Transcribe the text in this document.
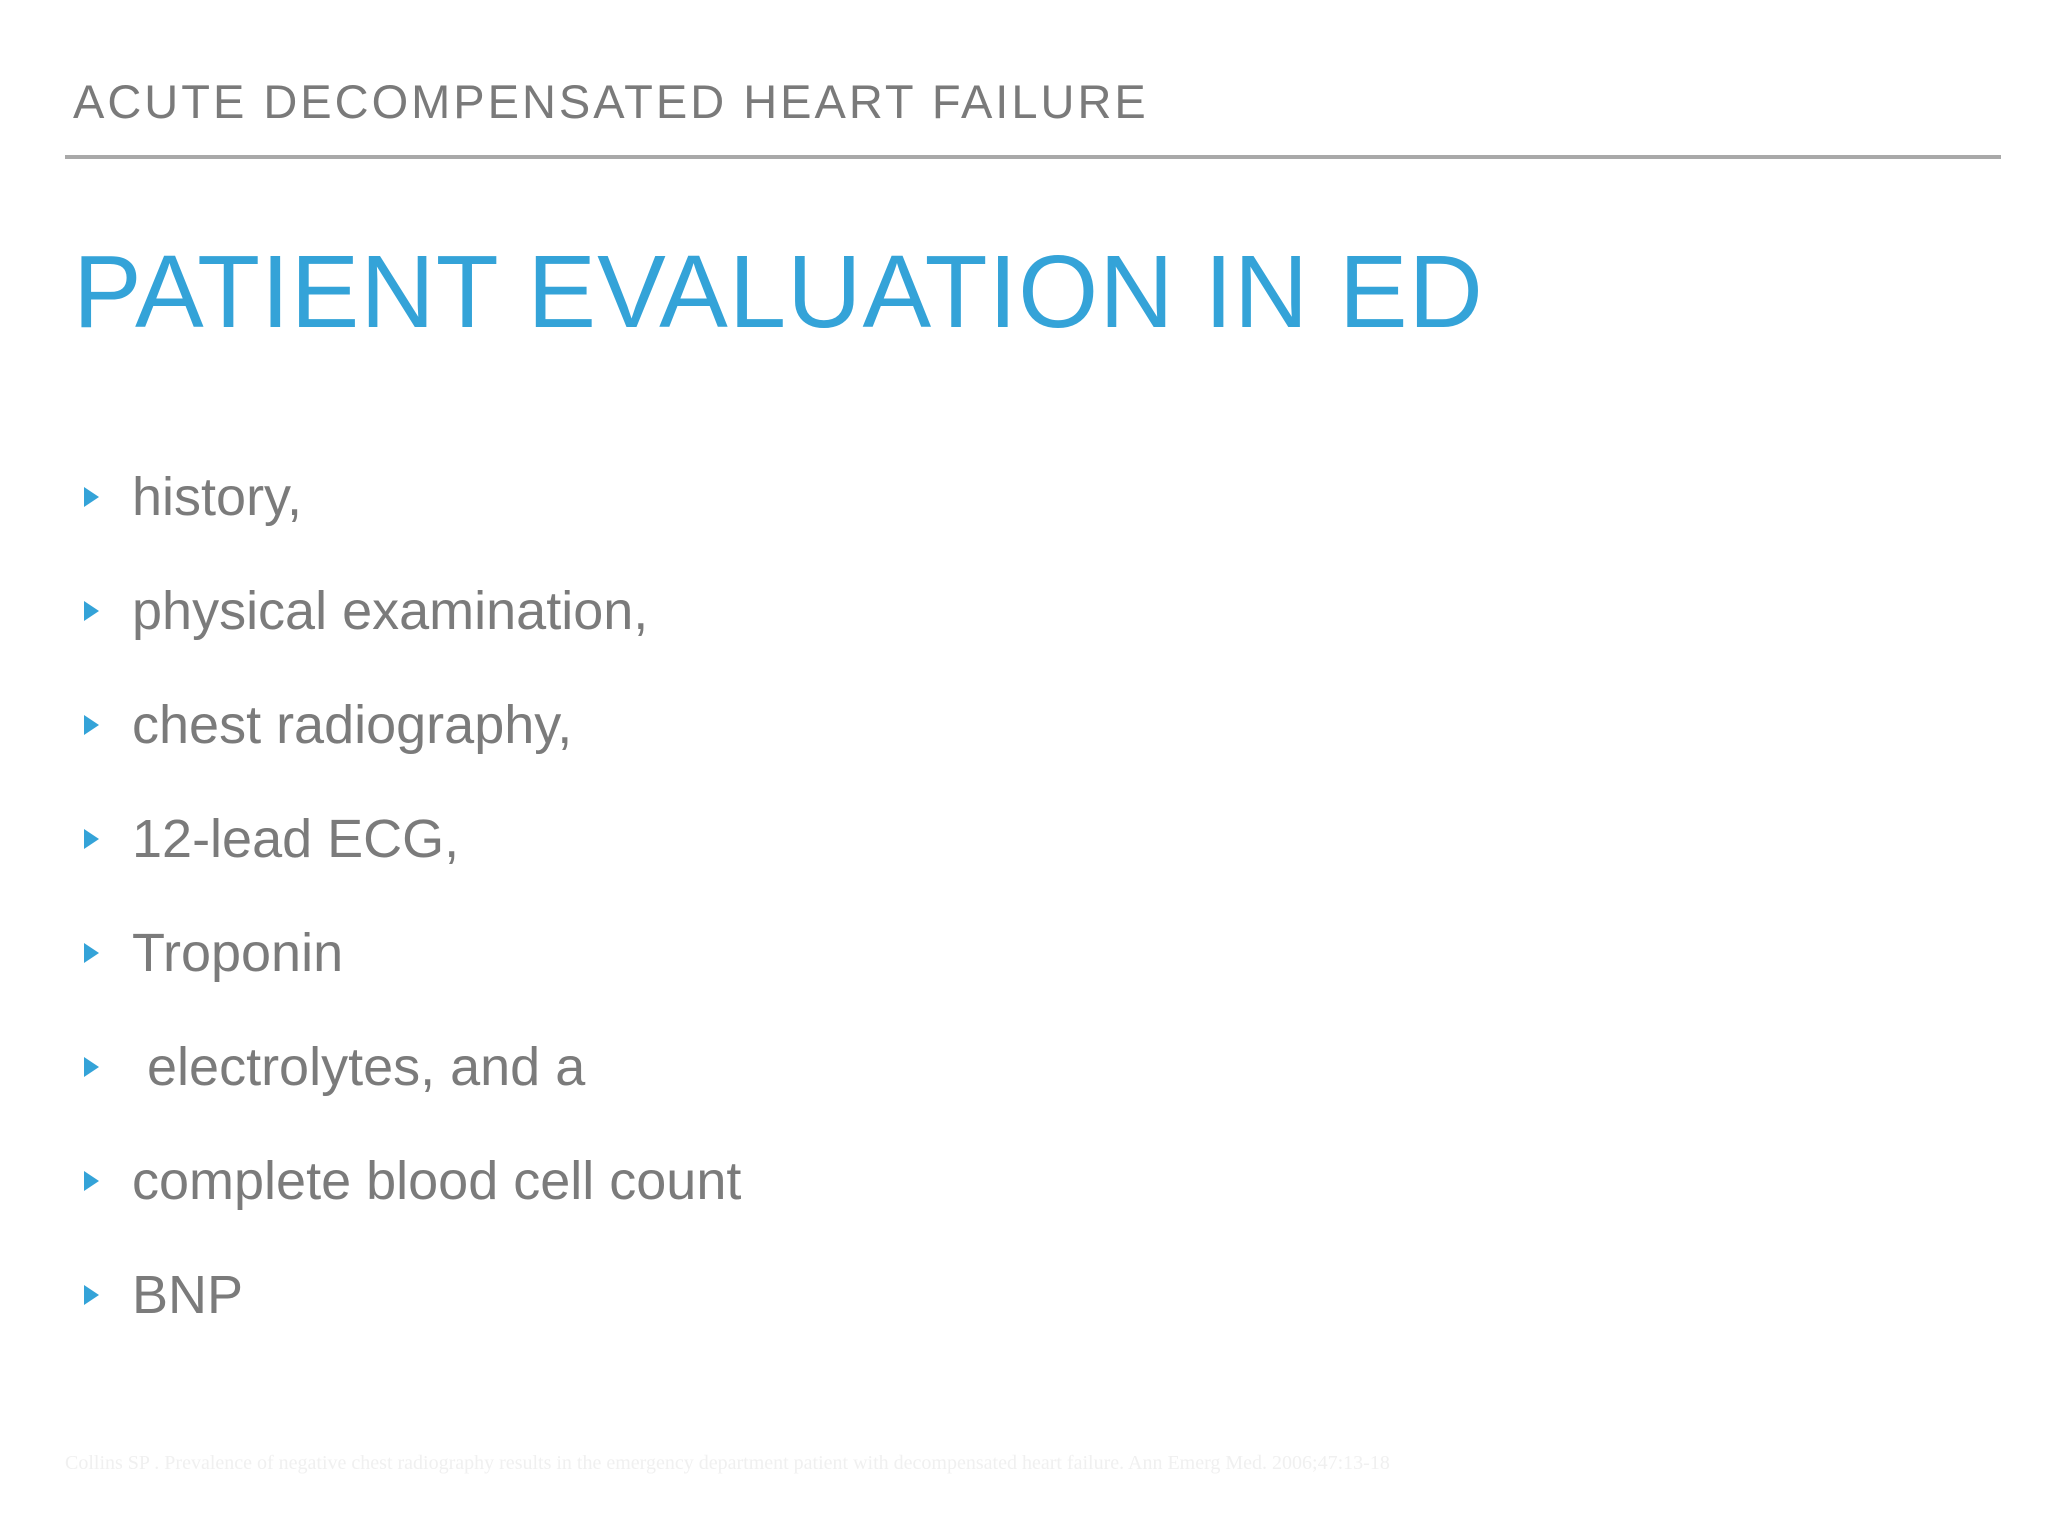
ACUTE DECOMPENSATED HEART FAILURE
PATIENT EVALUATION IN ED
history,
physical examination,
chest radiography,
12-lead ECG,
Troponin
electrolytes, and a
complete blood cell count
BNP
Collins SP . Prevalence of negative chest radiography results in the emergency department patient with decompensated heart failure. Ann Emerg Med. 2006;47:13-18
